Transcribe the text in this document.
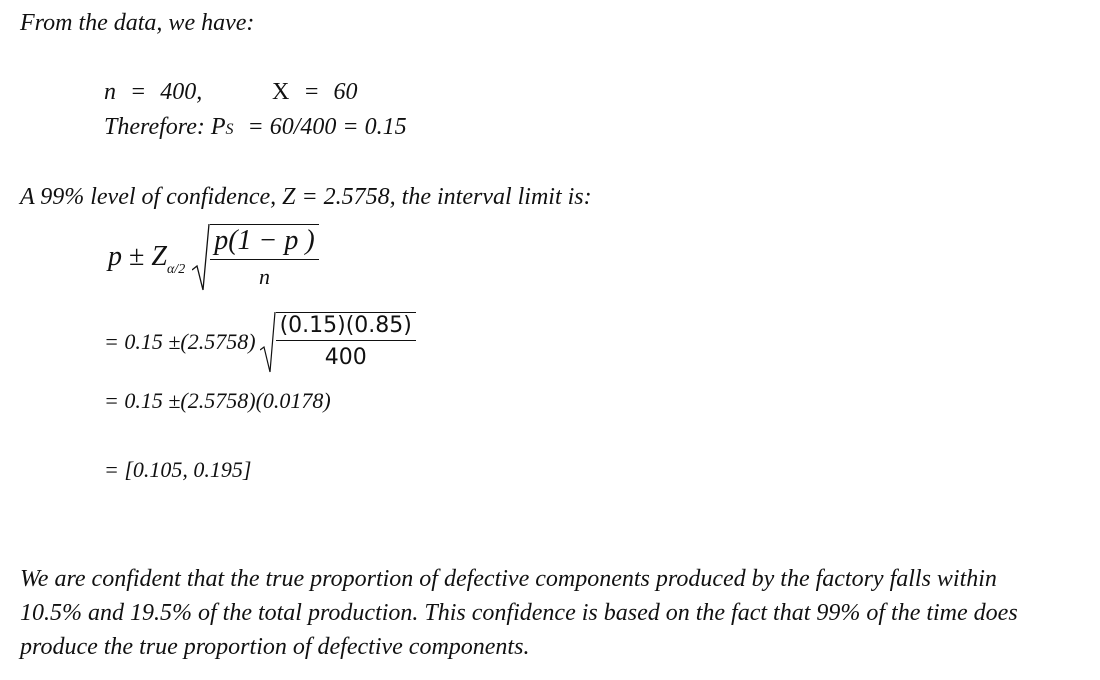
From the data, we have:
n = 400,	X = 60
Therefore: PS = 60/400 = 0.15
A 99% level of confidence, Z = 2.5758, the interval limit is:
$p \pm Z_{\alpha/2} \frac{p(1 - p )}{n}$
= $0.15 \pm(2.5758) \frac{(0.15)(0.85)}{400}$
= 0.15 ±(2.5758)(0.0178)
= [0.105, 0.195]
We are confident that the true proportion of defective components produced by the factory falls within
10.5% and 19.5% of the total production. This confidence is based on the fact that 99% of the time does
produce the true proportion of defective components.
